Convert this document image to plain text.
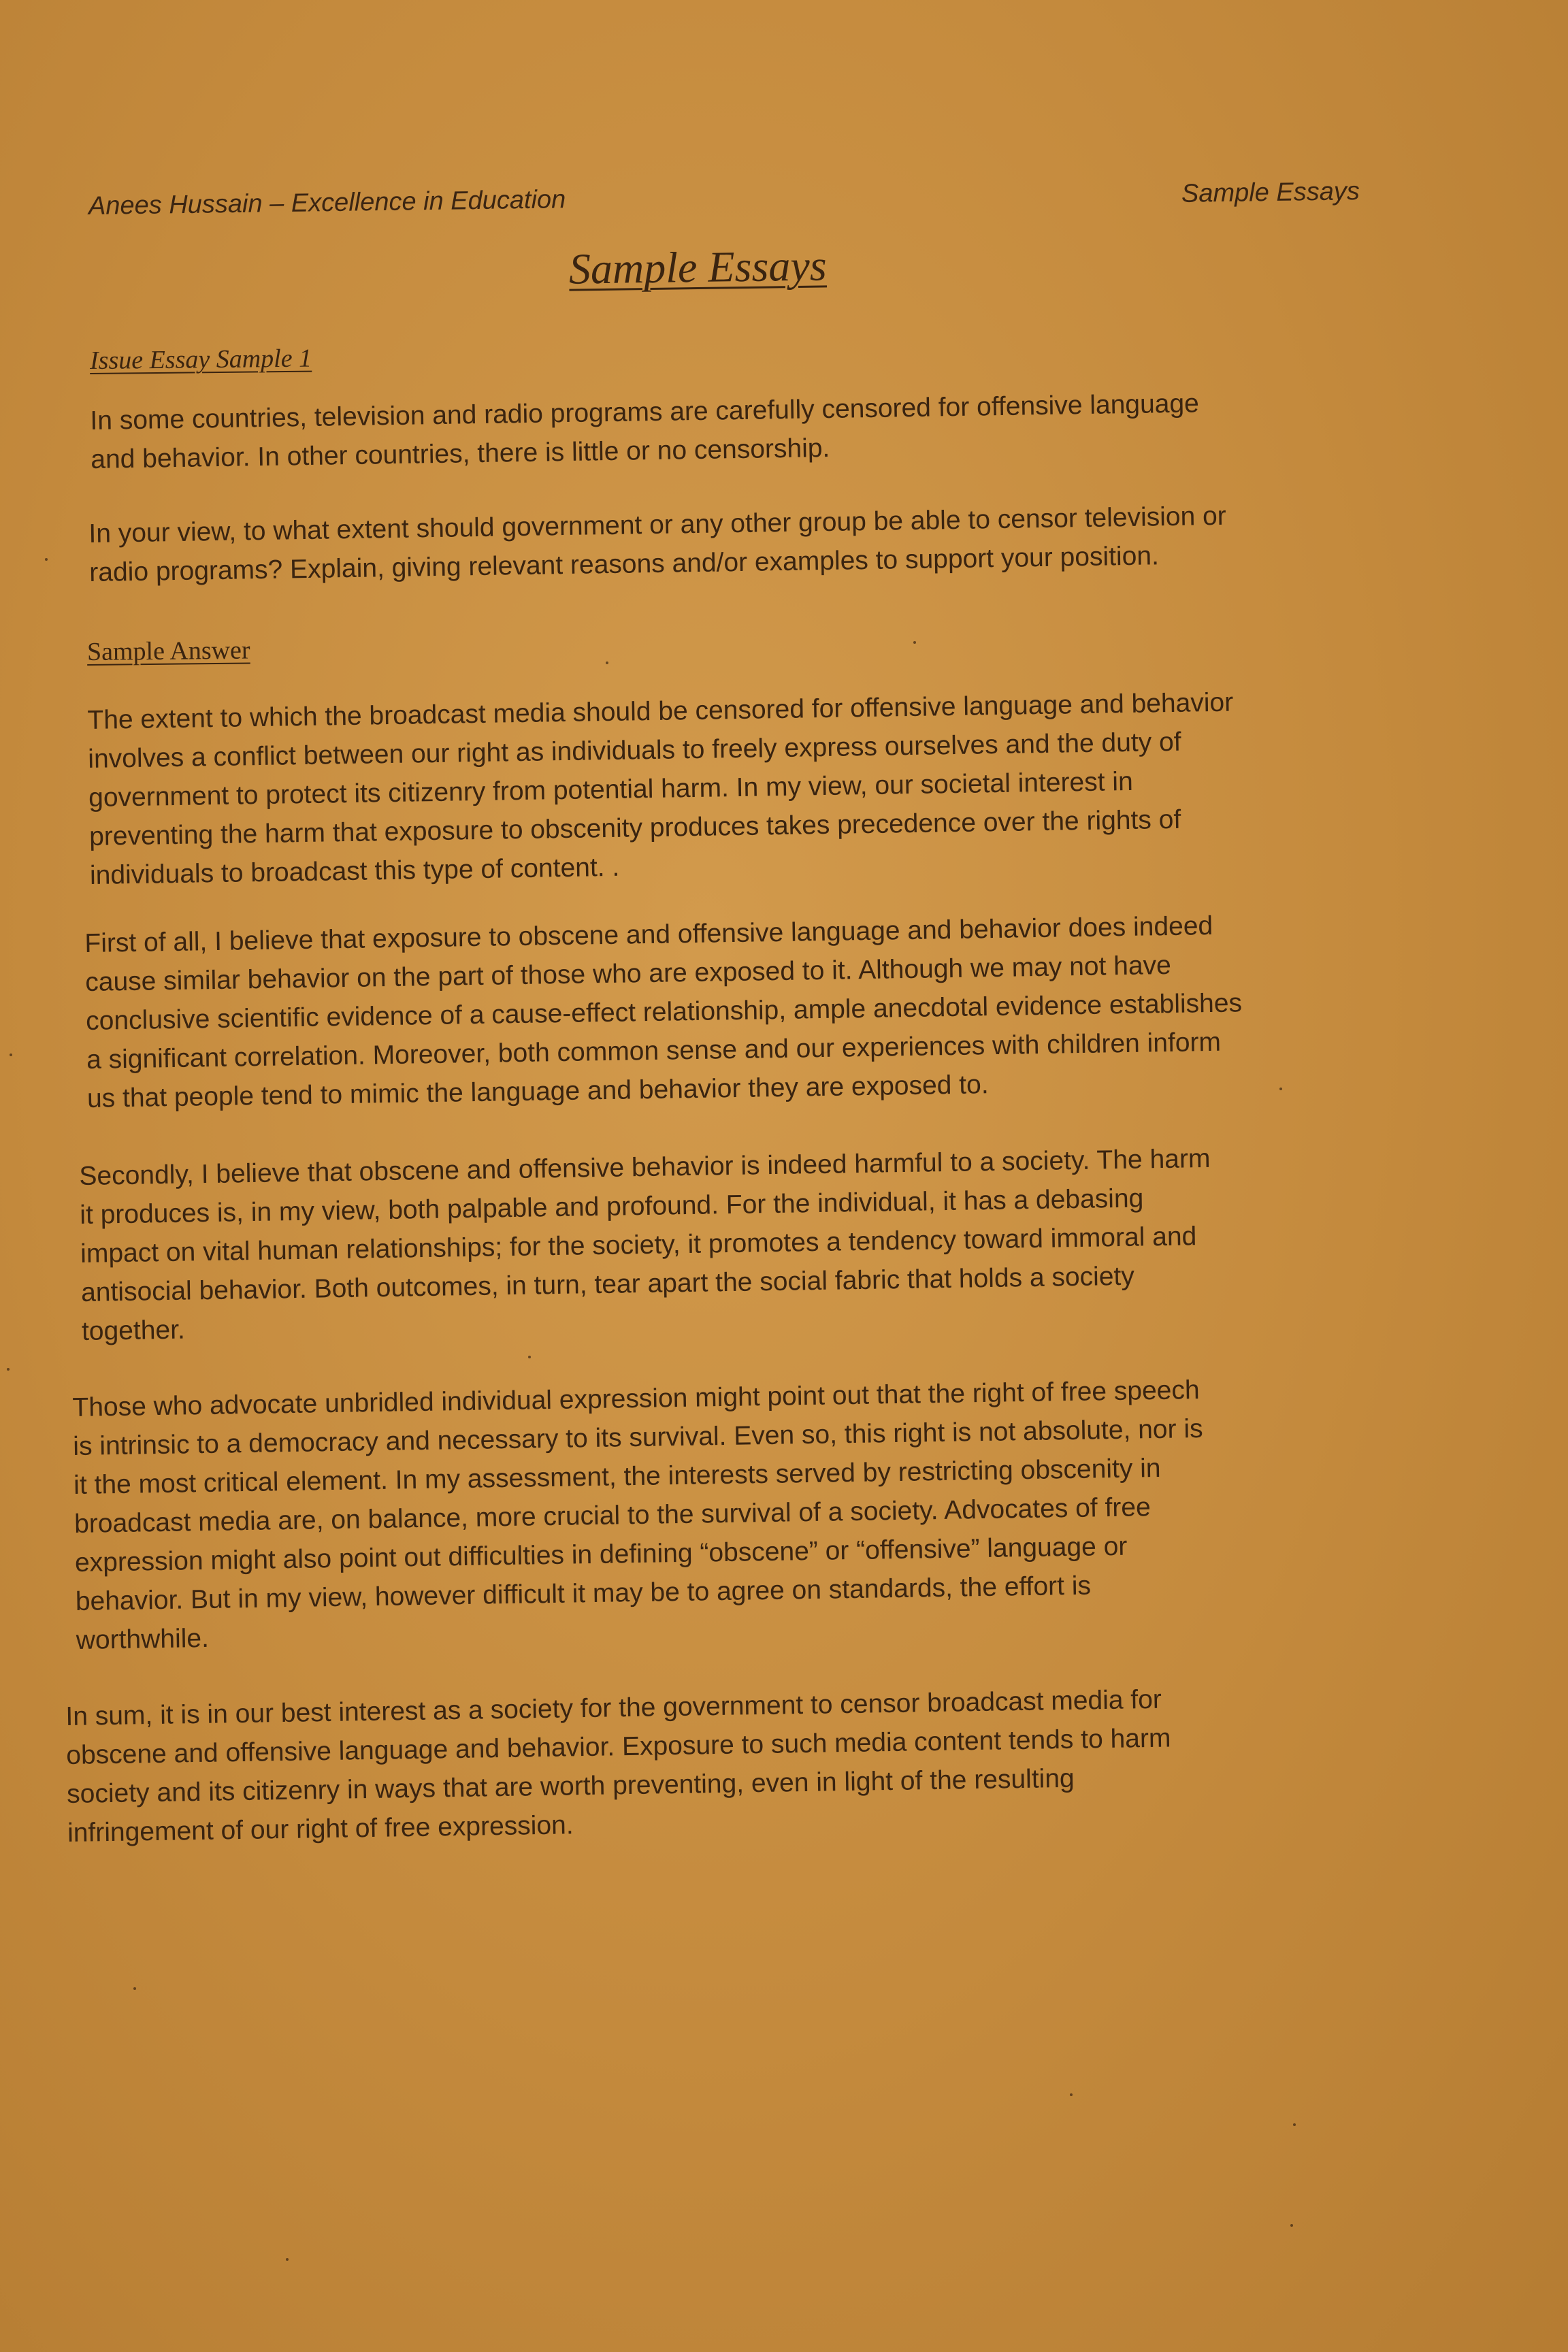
Anees Hussain – Excellence in Education	Sample Essays
Sample Essays
Issue Essay Sample 1

In some countries, television and radio programs are carefully censored for offensive language
and behavior. In other countries, there is little or no censorship.

In your view, to what extent should government or any other group be able to censor television or
radio programs? Explain, giving relevant reasons and/or examples to support your position.

Sample Answer

The extent to which the broadcast media should be censored for offensive language and behavior
involves a conflict between our right as individuals to freely express ourselves and the duty of
government to protect its citizenry from potential harm. In my view, our societal interest in
preventing the harm that exposure to obscenity produces takes precedence over the rights of
individuals to broadcast this type of content. .

First of all, I believe that exposure to obscene and offensive language and behavior does indeed
cause similar behavior on the part of those who are exposed to it. Although we may not have
conclusive scientific evidence of a cause-effect relationship, ample anecdotal evidence establishes
a significant correlation. Moreover, both common sense and our experiences with children inform
us that people tend to mimic the language and behavior they are exposed to.

Secondly, I believe that obscene and offensive behavior is indeed harmful to a society. The harm
it produces is, in my view, both palpable and profound. For the individual, it has a debasing
impact on vital human relationships; for the society, it promotes a tendency toward immoral and
antisocial behavior. Both outcomes, in turn, tear apart the social fabric that holds a society
together.

Those who advocate unbridled individual expression might point out that the right of free speech
is intrinsic to a democracy and necessary to its survival. Even so, this right is not absolute, nor is
it the most critical element. In my assessment, the interests served by restricting obscenity in
broadcast media are, on balance, more crucial to the survival of a society. Advocates of free
expression might also point out difficulties in defining “obscene” or “offensive” language or
behavior. But in my view, however difficult it may be to agree on standards, the effort is
worthwhile.

In sum, it is in our best interest as a society for the government to censor broadcast media for
obscene and offensive language and behavior. Exposure to such media content tends to harm
society and its citizenry in ways that are worth preventing, even in light of the resulting
infringement of our right of free expression.
